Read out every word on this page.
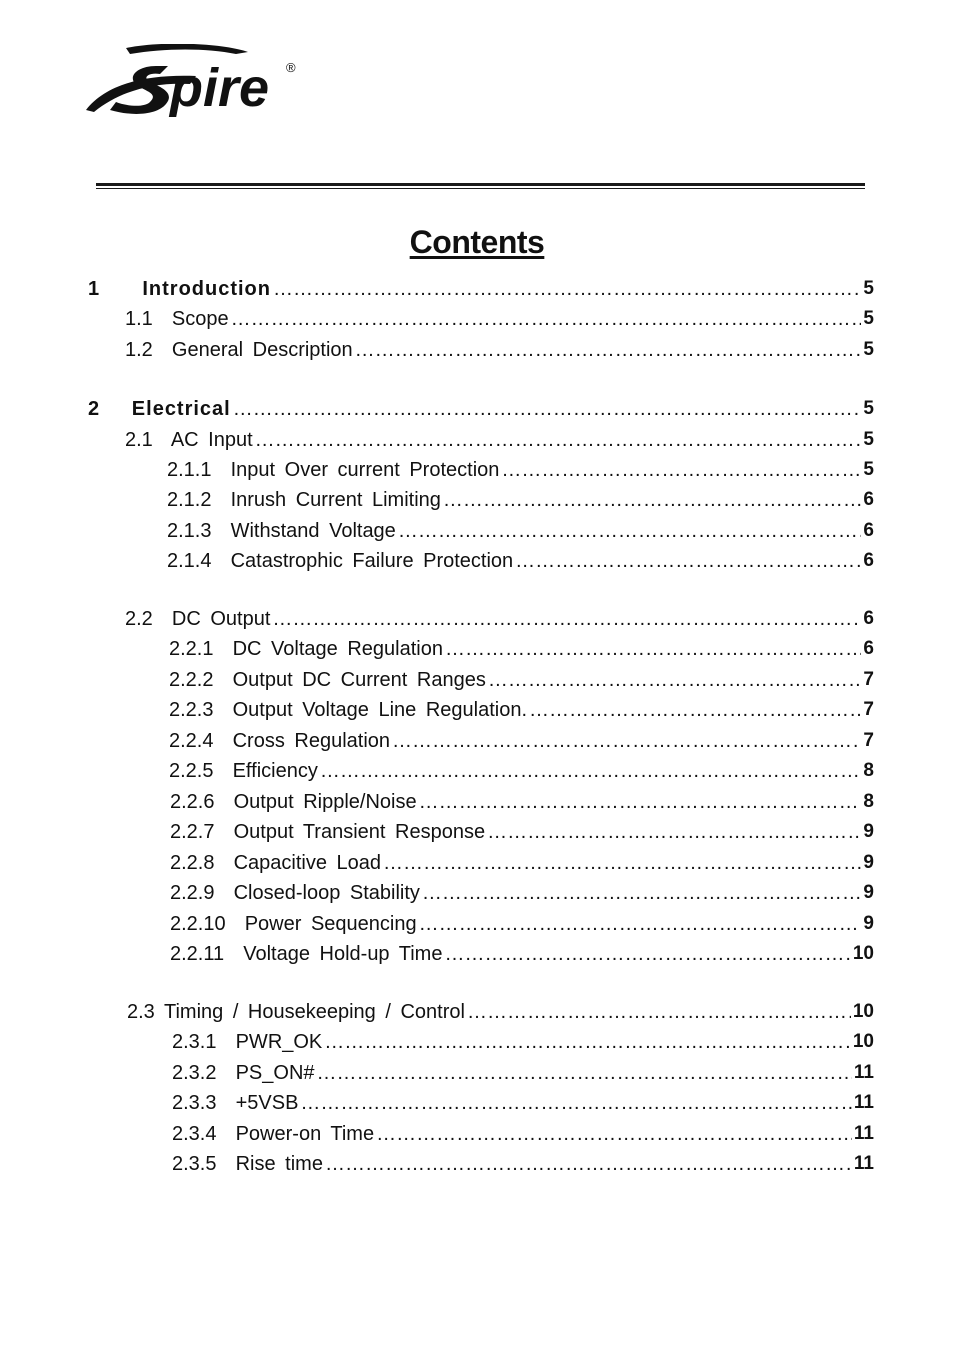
pire ®
Contents
1    Introduction ……………………………………………………………………………………………………………………………………………………………………	5
1.1  Scope ……………………………………………………………………………………………………………………………………………………………………	5
1.2  General Description ……………………………………………………………………………………………………………………………………………………………………	5
2   Electrical ……………………………………………………………………………………………………………………………………………………………………	5
2.1  AC Input ……………………………………………………………………………………………………………………………………………………………………	5
2.1.1  Input Over current Protection ……………………………………………………………………………………………………………………………………………………………………	5
2.1.2  Inrush Current Limiting ……………………………………………………………………………………………………………………………………………………………………	6
2.1.3  Withstand Voltage ……………………………………………………………………………………………………………………………………………………………………	6
2.1.4  Catastrophic Failure Protection ……………………………………………………………………………………………………………………………………………………………………	6
2.2  DC Output ……………………………………………………………………………………………………………………………………………………………………	6
2.2.1  DC Voltage Regulation ……………………………………………………………………………………………………………………………………………………………………	6
2.2.2  Output DC Current Ranges ……………………………………………………………………………………………………………………………………………………………………	7
2.2.3  Output Voltage Line Regulation. ……………………………………………………………………………………………………………………………………………………………………	7
2.2.4  Cross Regulation ……………………………………………………………………………………………………………………………………………………………………	7
2.2.5  Efficiency ……………………………………………………………………………………………………………………………………………………………………	8
2.2.6  Output Ripple/Noise ……………………………………………………………………………………………………………………………………………………………………	8
2.2.7  Output Transient Response ……………………………………………………………………………………………………………………………………………………………………	9
2.2.8  Capacitive Load ……………………………………………………………………………………………………………………………………………………………………	9
2.2.9  Closed-loop Stability ……………………………………………………………………………………………………………………………………………………………………	9
2.2.10  Power Sequencing ……………………………………………………………………………………………………………………………………………………………………	9
2.2.11  Voltage Hold-up Time ……………………………………………………………………………………………………………………………………………………………………	10
2.3 Timing / Housekeeping / Control ……………………………………………………………………………………………………………………………………………………………………	10
2.3.1  PWR_OK ……………………………………………………………………………………………………………………………………………………………………	10
2.3.2  PS_ON# ……………………………………………………………………………………………………………………………………………………………………	11
2.3.3  +5VSB ……………………………………………………………………………………………………………………………………………………………………	11
2.3.4  Power-on Time ……………………………………………………………………………………………………………………………………………………………………	11
2.3.5  Rise time ……………………………………………………………………………………………………………………………………………………………………	11
